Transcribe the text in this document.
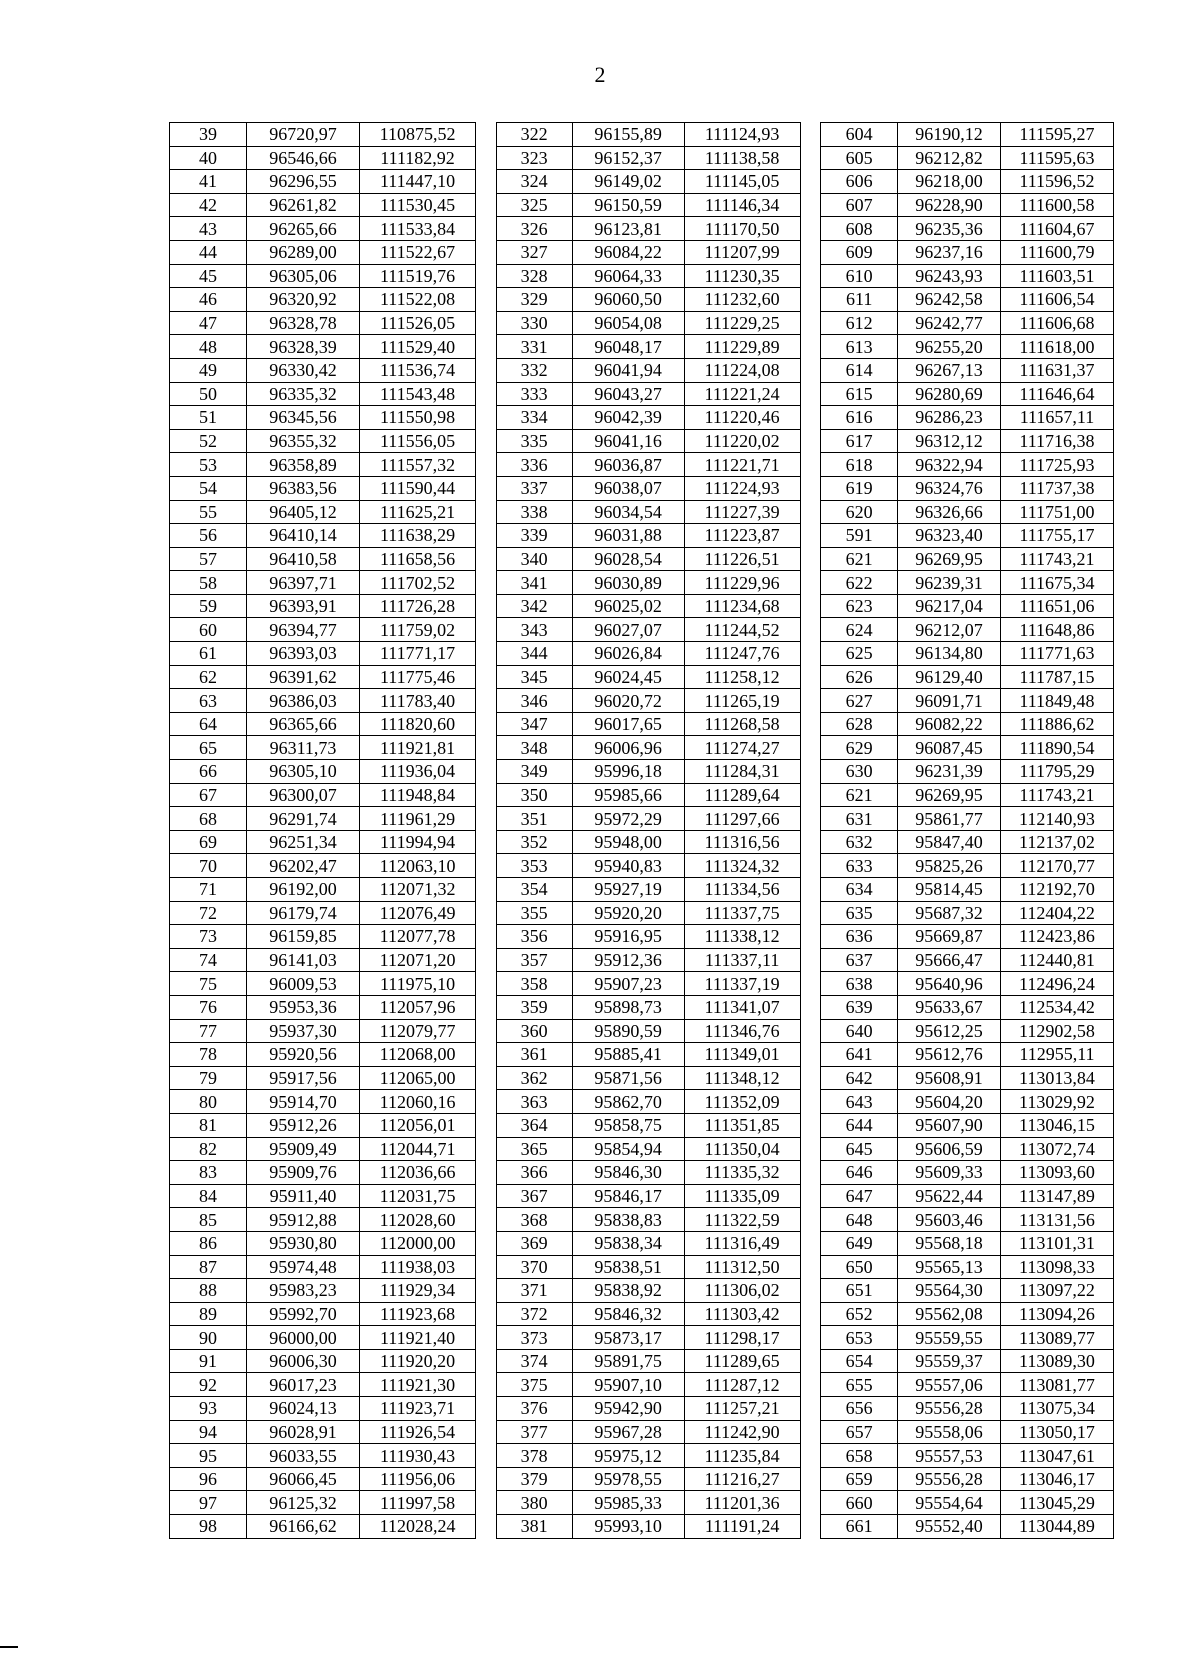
2
39	96720,97	110875,52		322	96155,89	111124,93		604	96190,12	111595,27
40	96546,66	111182,92		323	96152,37	111138,58		605	96212,82	111595,63
41	96296,55	111447,10		324	96149,02	111145,05		606	96218,00	111596,52
42	96261,82	111530,45		325	96150,59	111146,34		607	96228,90	111600,58
43	96265,66	111533,84		326	96123,81	111170,50		608	96235,36	111604,67
44	96289,00	111522,67		327	96084,22	111207,99		609	96237,16	111600,79
45	96305,06	111519,76		328	96064,33	111230,35		610	96243,93	111603,51
46	96320,92	111522,08		329	96060,50	111232,60		611	96242,58	111606,54
47	96328,78	111526,05		330	96054,08	111229,25		612	96242,77	111606,68
48	96328,39	111529,40		331	96048,17	111229,89		613	96255,20	111618,00
49	96330,42	111536,74		332	96041,94	111224,08		614	96267,13	111631,37
50	96335,32	111543,48		333	96043,27	111221,24		615	96280,69	111646,64
51	96345,56	111550,98		334	96042,39	111220,46		616	96286,23	111657,11
52	96355,32	111556,05		335	96041,16	111220,02		617	96312,12	111716,38
53	96358,89	111557,32		336	96036,87	111221,71		618	96322,94	111725,93
54	96383,56	111590,44		337	96038,07	111224,93		619	96324,76	111737,38
55	96405,12	111625,21		338	96034,54	111227,39		620	96326,66	111751,00
56	96410,14	111638,29		339	96031,88	111223,87		591	96323,40	111755,17
57	96410,58	111658,56		340	96028,54	111226,51		621	96269,95	111743,21
58	96397,71	111702,52		341	96030,89	111229,96		622	96239,31	111675,34
59	96393,91	111726,28		342	96025,02	111234,68		623	96217,04	111651,06
60	96394,77	111759,02		343	96027,07	111244,52		624	96212,07	111648,86
61	96393,03	111771,17		344	96026,84	111247,76		625	96134,80	111771,63
62	96391,62	111775,46		345	96024,45	111258,12		626	96129,40	111787,15
63	96386,03	111783,40		346	96020,72	111265,19		627	96091,71	111849,48
64	96365,66	111820,60		347	96017,65	111268,58		628	96082,22	111886,62
65	96311,73	111921,81		348	96006,96	111274,27		629	96087,45	111890,54
66	96305,10	111936,04		349	95996,18	111284,31		630	96231,39	111795,29
67	96300,07	111948,84		350	95985,66	111289,64		621	96269,95	111743,21
68	96291,74	111961,29		351	95972,29	111297,66		631	95861,77	112140,93
69	96251,34	111994,94		352	95948,00	111316,56		632	95847,40	112137,02
70	96202,47	112063,10		353	95940,83	111324,32		633	95825,26	112170,77
71	96192,00	112071,32		354	95927,19	111334,56		634	95814,45	112192,70
72	96179,74	112076,49		355	95920,20	111337,75		635	95687,32	112404,22
73	96159,85	112077,78		356	95916,95	111338,12		636	95669,87	112423,86
74	96141,03	112071,20		357	95912,36	111337,11		637	95666,47	112440,81
75	96009,53	111975,10		358	95907,23	111337,19		638	95640,96	112496,24
76	95953,36	112057,96		359	95898,73	111341,07		639	95633,67	112534,42
77	95937,30	112079,77		360	95890,59	111346,76		640	95612,25	112902,58
78	95920,56	112068,00		361	95885,41	111349,01		641	95612,76	112955,11
79	95917,56	112065,00		362	95871,56	111348,12		642	95608,91	113013,84
80	95914,70	112060,16		363	95862,70	111352,09		643	95604,20	113029,92
81	95912,26	112056,01		364	95858,75	111351,85		644	95607,90	113046,15
82	95909,49	112044,71		365	95854,94	111350,04		645	95606,59	113072,74
83	95909,76	112036,66		366	95846,30	111335,32		646	95609,33	113093,60
84	95911,40	112031,75		367	95846,17	111335,09		647	95622,44	113147,89
85	95912,88	112028,60		368	95838,83	111322,59		648	95603,46	113131,56
86	95930,80	112000,00		369	95838,34	111316,49		649	95568,18	113101,31
87	95974,48	111938,03		370	95838,51	111312,50		650	95565,13	113098,33
88	95983,23	111929,34		371	95838,92	111306,02		651	95564,30	113097,22
89	95992,70	111923,68		372	95846,32	111303,42		652	95562,08	113094,26
90	96000,00	111921,40		373	95873,17	111298,17		653	95559,55	113089,77
91	96006,30	111920,20		374	95891,75	111289,65		654	95559,37	113089,30
92	96017,23	111921,30		375	95907,10	111287,12		655	95557,06	113081,77
93	96024,13	111923,71		376	95942,90	111257,21		656	95556,28	113075,34
94	96028,91	111926,54		377	95967,28	111242,90		657	95558,06	113050,17
95	96033,55	111930,43		378	95975,12	111235,84		658	95557,53	113047,61
96	96066,45	111956,06		379	95978,55	111216,27		659	95556,28	113046,17
97	96125,32	111997,58		380	95985,33	111201,36		660	95554,64	113045,29
98	96166,62	112028,24		381	95993,10	111191,24		661	95552,40	113044,89
